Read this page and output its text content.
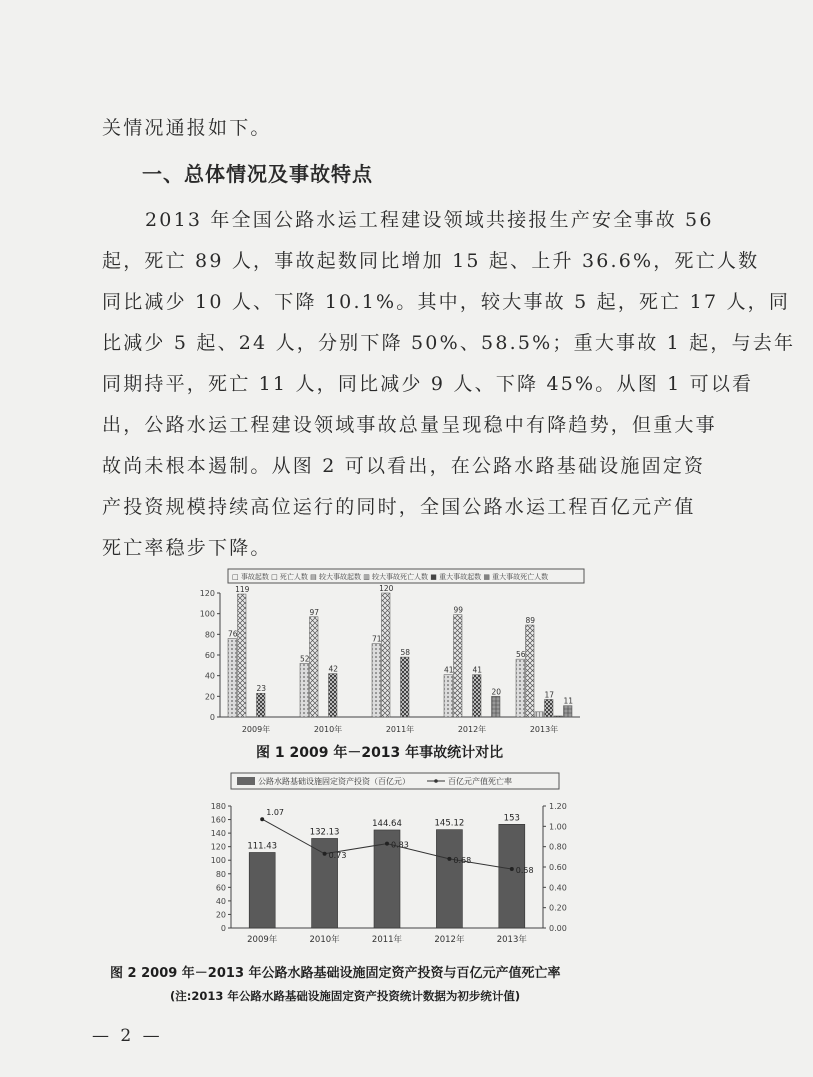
关情况通报如下。
一、总体情况及事故特点
2013 年全国公路水运工程建设领域共接报生产安全事故 56
起，死亡 89 人，事故起数同比增加 15 起、上升 36.6%，死亡人数
同比减少 10 人、下降 10.1%。其中，较大事故 5 起，死亡 17 人，同
比减少 5 起、24 人，分别下降 50%、58.5%；重大事故 1 起，与去年
同期持平，死亡 11 人，同比减少 9 人、下降 45%。从图 1 可以看
出，公路水运工程建设领域事故总量呈现稳中有降趋势，但重大事
故尚未根本遏制。从图 2 可以看出，在公路水路基础设施固定资
产投资规模持续高位运行的同时，全国公路水运工程百亿元产值
死亡率稳步下降。
□ 事故起数 □ 死亡人数 ▤ 较大事故起数 ▥ 较大事故死亡人数 ■ 重大事故起数 ▦ 重大事故死亡人数
0
20
40
60
80
100
120
2009年	2010年	2011年	2012年	2013年
76
119
23
52
97
42
71
120
58
41
99
41
20
56
89
17
11
图 1 2009 年－2013 年事故统计对比
公路水路基础设施固定资产投资（百亿元）	百亿元产值死亡率
0
20
40
60
80
100
120
140
160
180
0.00
0.20
0.40
0.60
0.80
1.00
1.20
2009年	2010年	2011年	2012年	2013年
111.43
132.13
144.64	145.12
153
1.07
0.73
0.83
0.68
0.58
图 2 2009 年－2013 年公路水路基础设施固定资产投资与百亿元产值死亡率
(注:2013 年公路水路基础设施固定资产投资统计数据为初步统计值)
— 2 —
